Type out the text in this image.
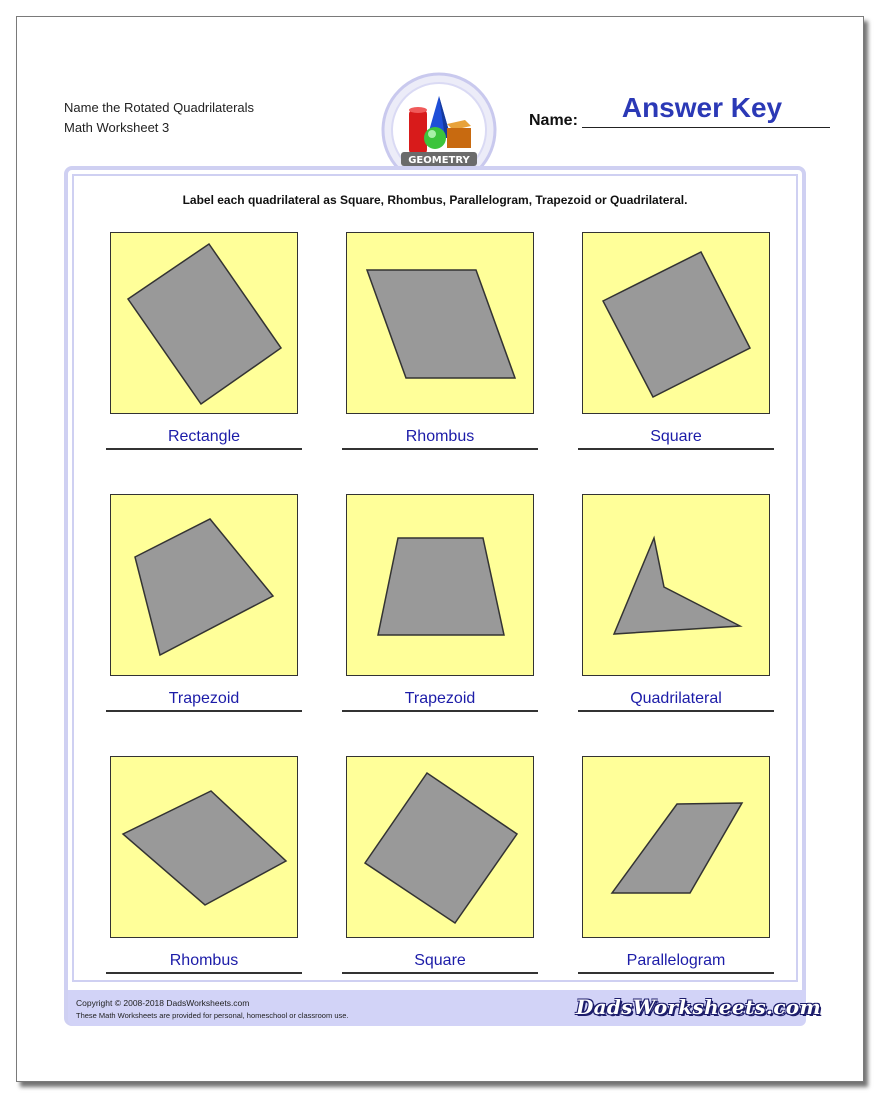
Name the Rotated Quadrilaterals
Math Worksheet 3
GEOMETRY
Name:	Answer Key
Label each quadrilateral as Square, Rhombus, Parallelogram, Trapezoid or Quadrilateral.
Rectangle	Rhombus	Square
Trapezoid	Trapezoid	Quadrilateral
Rhombus	Square	Parallelogram
Copyright © 2008-2018 DadsWorksheets.com
These Math Worksheets are provided for personal, homeschool or classroom use.	DadsWorksheets.com
